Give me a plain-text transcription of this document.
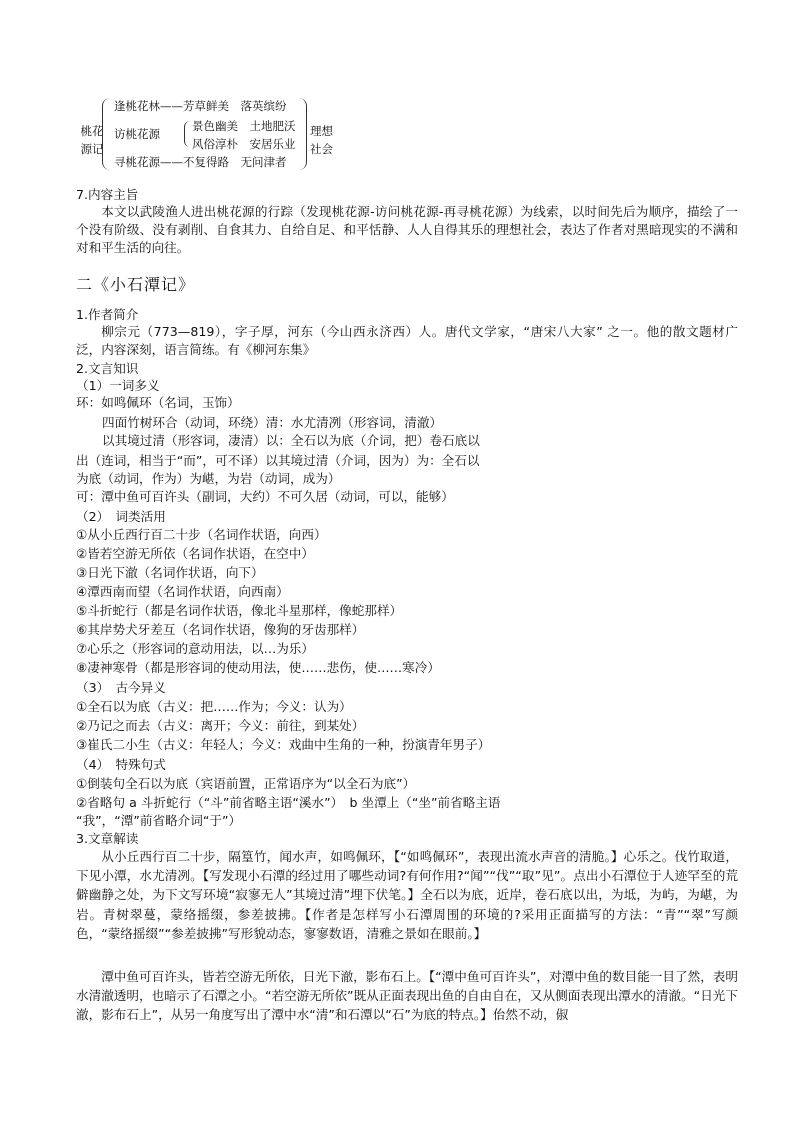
桃花
源记
逢桃花林——芳草鲜美　落英缤纷
访桃花源
景色幽美　土地肥沃
风俗淳朴　安居乐业
寻桃花源——不复得路　无问津者
理想
社会
7.内容主旨
本文以武陵渔人进出桃花源的行踪（发现桃花源-访问桃花源-再寻桃花源）为线索，以时间先后为顺序，描绘了一个没有阶级、没有剥削、自食其力、自给自足、和平恬静、人人自得其乐的理想社会，表达了作者对黑暗现实的不满和对和平生活的向往。
二《小石潭记》
1.作者简介
柳宗元（773—819），字子厚，河东（今山西永济西）人。唐代文学家，“唐宋八大家” 之一。他的散文题材广泛，内容深刻，语言简练。有《柳河东集》
2.文言知识
（1）一词多义
环：如鸣佩环（名词，玉饰）
四面竹树环合（动词，环绕）清：水尤清冽（形容词，清澈）
以其境过清（形容词，凄清）以：全石以为底（介词，把）卷石底以
出（连词，相当于“而”，可不译）以其境过清（介词，因为）为：全石以
为底（动词，作为）为嵁，为岩（动词，成为）
可：潭中鱼可百许头（副词，大约）不可久居（动词，可以，能够）
（2）　词类活用
①从小丘西行百二十步（名词作状语，向西）
②皆若空游无所依（名词作状语，在空中）
③日光下澈（名词作状语，向下）
④潭西南而望（名词作状语，向西南）
⑤斗折蛇行（都是名词作状语，像北斗星那样，像蛇那样）
⑥其岸势犬牙差互（名词作状语，像狗的牙齿那样）
⑦心乐之（形容词的意动用法，以…为乐）
⑧凄神寒骨（都是形容词的使动用法，使……悲伤，使……寒冷）
（3）　古今异义
①全石以为底（古义：把……作为；今义：认为）
②乃记之而去（古义：离开；今义：前往，到某处）
③崔氏二小生（古义：年轻人；今义：戏曲中生角的一种，扮演青年男子）
（4）　特殊句式
①倒装句全石以为底（宾语前置，正常语序为“以全石为底”）
②省略句 a 斗折蛇行（“斗”前省略主语“溪水”）　b 坐潭上（“坐”前省略主语
“我”，“潭”前省略介词“于”）
3.文章解读
从小丘西行百二十步，隔篁竹，闻水声，如鸣佩环，【“如鸣佩环”，表现出流水声音的清脆。】心乐之。伐竹取道，下见小潭，水尤清冽。【写发现小石潭的经过用了哪些动词?有何作用?“闻”“伐”“取”见”。点出小石潭位于人迹罕至的荒僻幽静之处，为下文写环境“寂寥无人”其境过清”埋下伏笔。】全石以为底，近岸，卷石底以出，为坻，为屿，为嵁，为岩。青树翠蔓，蒙络摇缀，参差披拂。【作者是怎样写小石潭周围的环境的?采用正面描写的方法：“青”“翠”写颜色，“蒙络摇缀”“参差披拂”写形貌动态，寥寥数语，清雅之景如在眼前。】
潭中鱼可百许头，皆若空游无所依，日光下澈，影布石上。【“潭中鱼可百许头”，对潭中鱼的数目能一目了然，表明水清澈透明，也暗示了石潭之小。“若空游无所依”既从正面表现出鱼的自由自在，又从侧面表现出潭水的清澈。“日光下澈，影布石上”，从另一角度写出了潭中水“清”和石潭以“石”为底的特点。】佁然不动，俶
